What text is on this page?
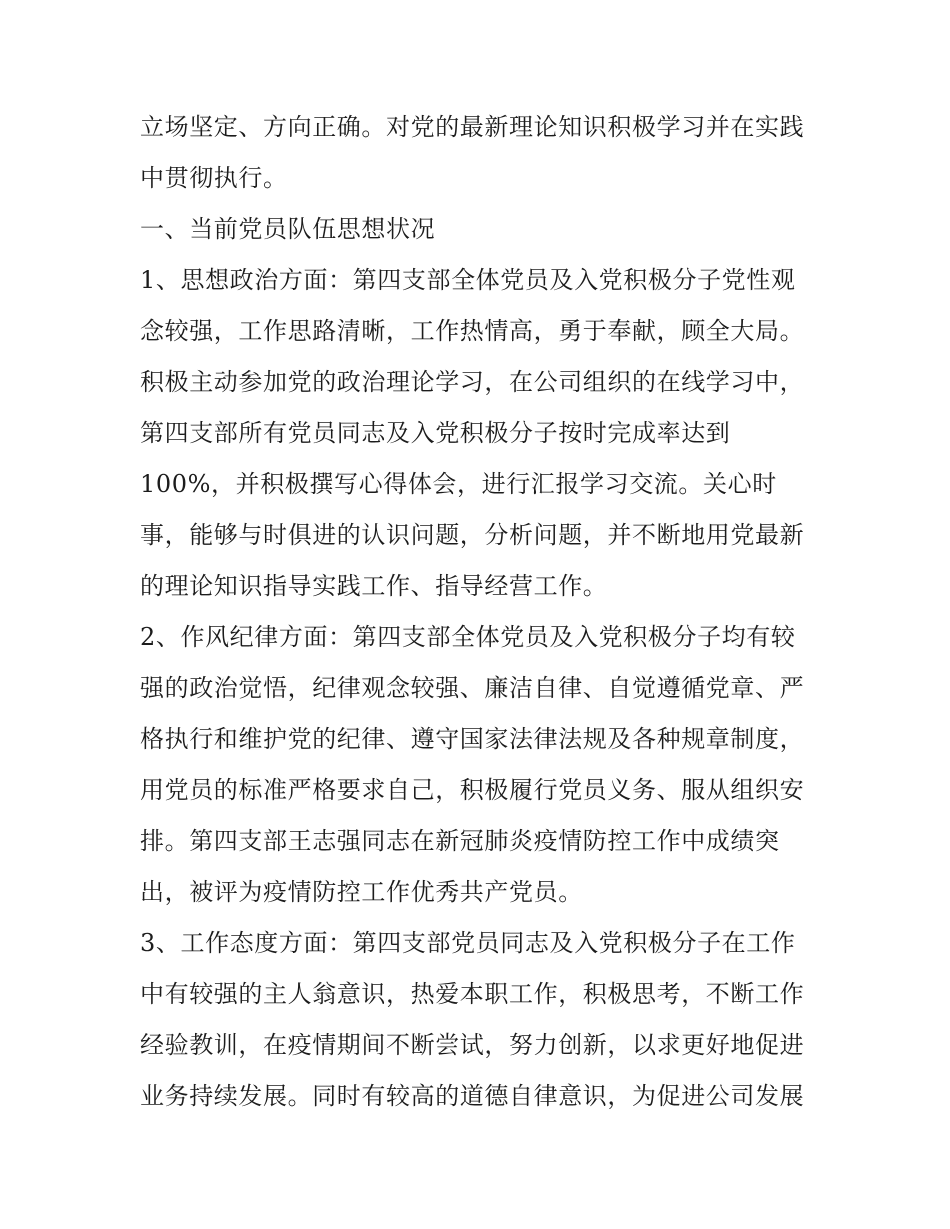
立场坚定、方向正确。对党的最新理论知识积极学习并在实践
中贯彻执行。
一、当前党员队伍思想状况
1、思想政治方面：第四支部全体党员及入党积极分子党性观
念较强，工作思路清晰，工作热情高，勇于奉献，顾全大局。
积极主动参加党的政治理论学习，在公司组织的在线学习中，
第四支部所有党员同志及入党积极分子按时完成率达到
100%，并积极撰写心得体会，进行汇报学习交流。关心时
事，能够与时俱进的认识问题，分析问题，并不断地用党最新
的理论知识指导实践工作、指导经营工作。
2、作风纪律方面：第四支部全体党员及入党积极分子均有较
强的政治觉悟，纪律观念较强、廉洁自律、自觉遵循党章、严
格执行和维护党的纪律、遵守国家法律法规及各种规章制度，
用党员的标准严格要求自己，积极履行党员义务、服从组织安
排。第四支部王志强同志在新冠肺炎疫情防控工作中成绩突
出，被评为疫情防控工作优秀共产党员。
3、工作态度方面：第四支部党员同志及入党积极分子在工作
中有较强的主人翁意识，热爱本职工作，积极思考，不断工作
经验教训，在疫情期间不断尝试，努力创新，以求更好地促进
业务持续发展。同时有较高的道德自律意识，为促进公司发展
